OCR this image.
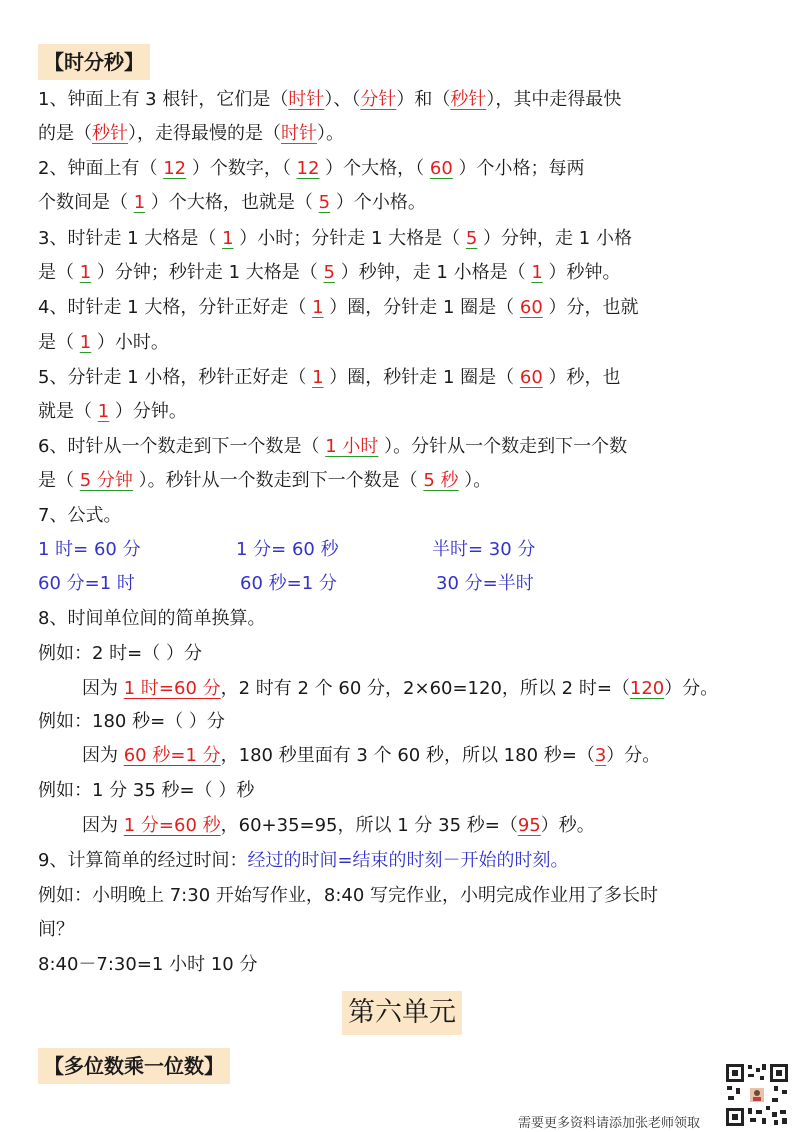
【时分秒】
1、钟面上有 3 根针，它们是（时针）、（分针）和（秒针），其中走得最快
的是（秒针），走得最慢的是（时针）。
2、钟面上有（ 12 ）个数字，（ 12 ）个大格，（ 60 ）个小格；每两
个数间是（ 1 ）个大格，也就是（ 5 ）个小格。
3、时针走 1 大格是（ 1 ）小时；分针走 1 大格是（ 5 ）分钟，走 1 小格
是（ 1 ）分钟；秒针走 1 大格是（ 5 ）秒钟，走 1 小格是（ 1 ）秒钟。
4、时针走 1 大格，分针正好走（ 1 ）圈，分针走 1 圈是（ 60 ）分，也就
是（ 1 ）小时。
5、分针走 1 小格，秒针正好走（ 1 ）圈，秒针走 1 圈是（ 60 ）秒，也
就是（ 1 ）分钟。
6、时针从一个数走到下一个数是（ 1 小时 ）。分针从一个数走到下一个数
是（ 5 分钟 ）。秒针从一个数走到下一个数是（ 5 秒 ）。
7、公式。
1 时= 60 分	1 分= 60 秒	半时= 30 分
60 分=1 时	60 秒=1 分	30 分=半时
8、时间单位间的简单换算。
例如：2 时=（ ）分
因为 1 时=60 分，2 时有 2 个 60 分，2×60=120，所以 2 时=（120）分。
例如：180 秒=（ ）分
因为 60 秒=1 分，180 秒里面有 3 个 60 秒，所以 180 秒=（3）分。
例如：1 分 35 秒=（ ）秒
因为 1 分=60 秒，60+35=95，所以 1 分 35 秒=（95）秒。
9、计算简单的经过时间：经过的时间=结束的时刻－开始的时刻。
例如：小明晚上 7:30 开始写作业，8:40 写完作业，小明完成作业用了多长时
间？
8:40－7:30=1 小时 10 分
第六单元
【多位数乘一位数】
需要更多资料请添加张老师领取
